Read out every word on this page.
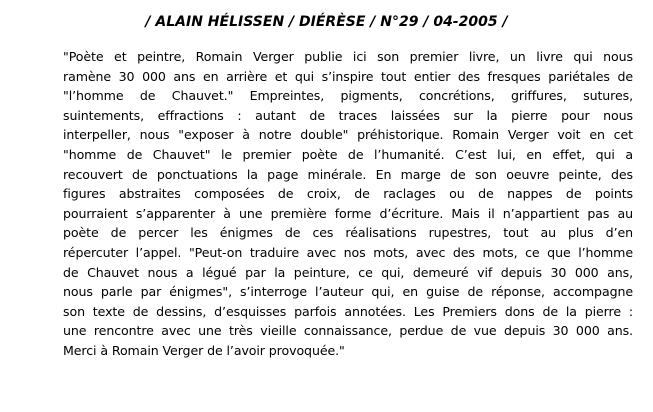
/ ALAIN HÉLISSEN / DIÉRÈSE / N°29 / 04-2005 /
"Poète et peintre, Romain Verger publie ici son premier livre, un livre qui nous
ramène 30 000 ans en arrière et qui s’inspire tout entier des fresques pariétales de
"l’homme de Chauvet." Empreintes, pigments, concrétions, griffures, sutures,
suintements, effractions : autant de traces laissées sur la pierre pour nous
interpeller, nous "exposer à notre double" préhistorique. Romain Verger voit en cet
"homme de Chauvet" le premier poète de l’humanité. C’est lui, en effet, qui a
recouvert de ponctuations la page minérale. En marge de son oeuvre peinte, des
figures abstraites composées de croix, de raclages ou de nappes de points
pourraient s’apparenter à une première forme d’écriture. Mais il n’appartient pas au
poète de percer les énigmes de ces réalisations rupestres, tout au plus d’en
répercuter l’appel. "Peut-on traduire avec nos mots, avec des mots, ce que l’homme
de Chauvet nous a légué par la peinture, ce qui, demeuré vif depuis 30 000 ans,
nous parle par énigmes", s’interroge l’auteur qui, en guise de réponse, accompagne
son texte de dessins, d’esquisses parfois annotées. Les Premiers dons de la pierre :
une rencontre avec une très vieille connaissance, perdue de vue depuis 30 000 ans.
Merci à Romain Verger de l’avoir provoquée."
